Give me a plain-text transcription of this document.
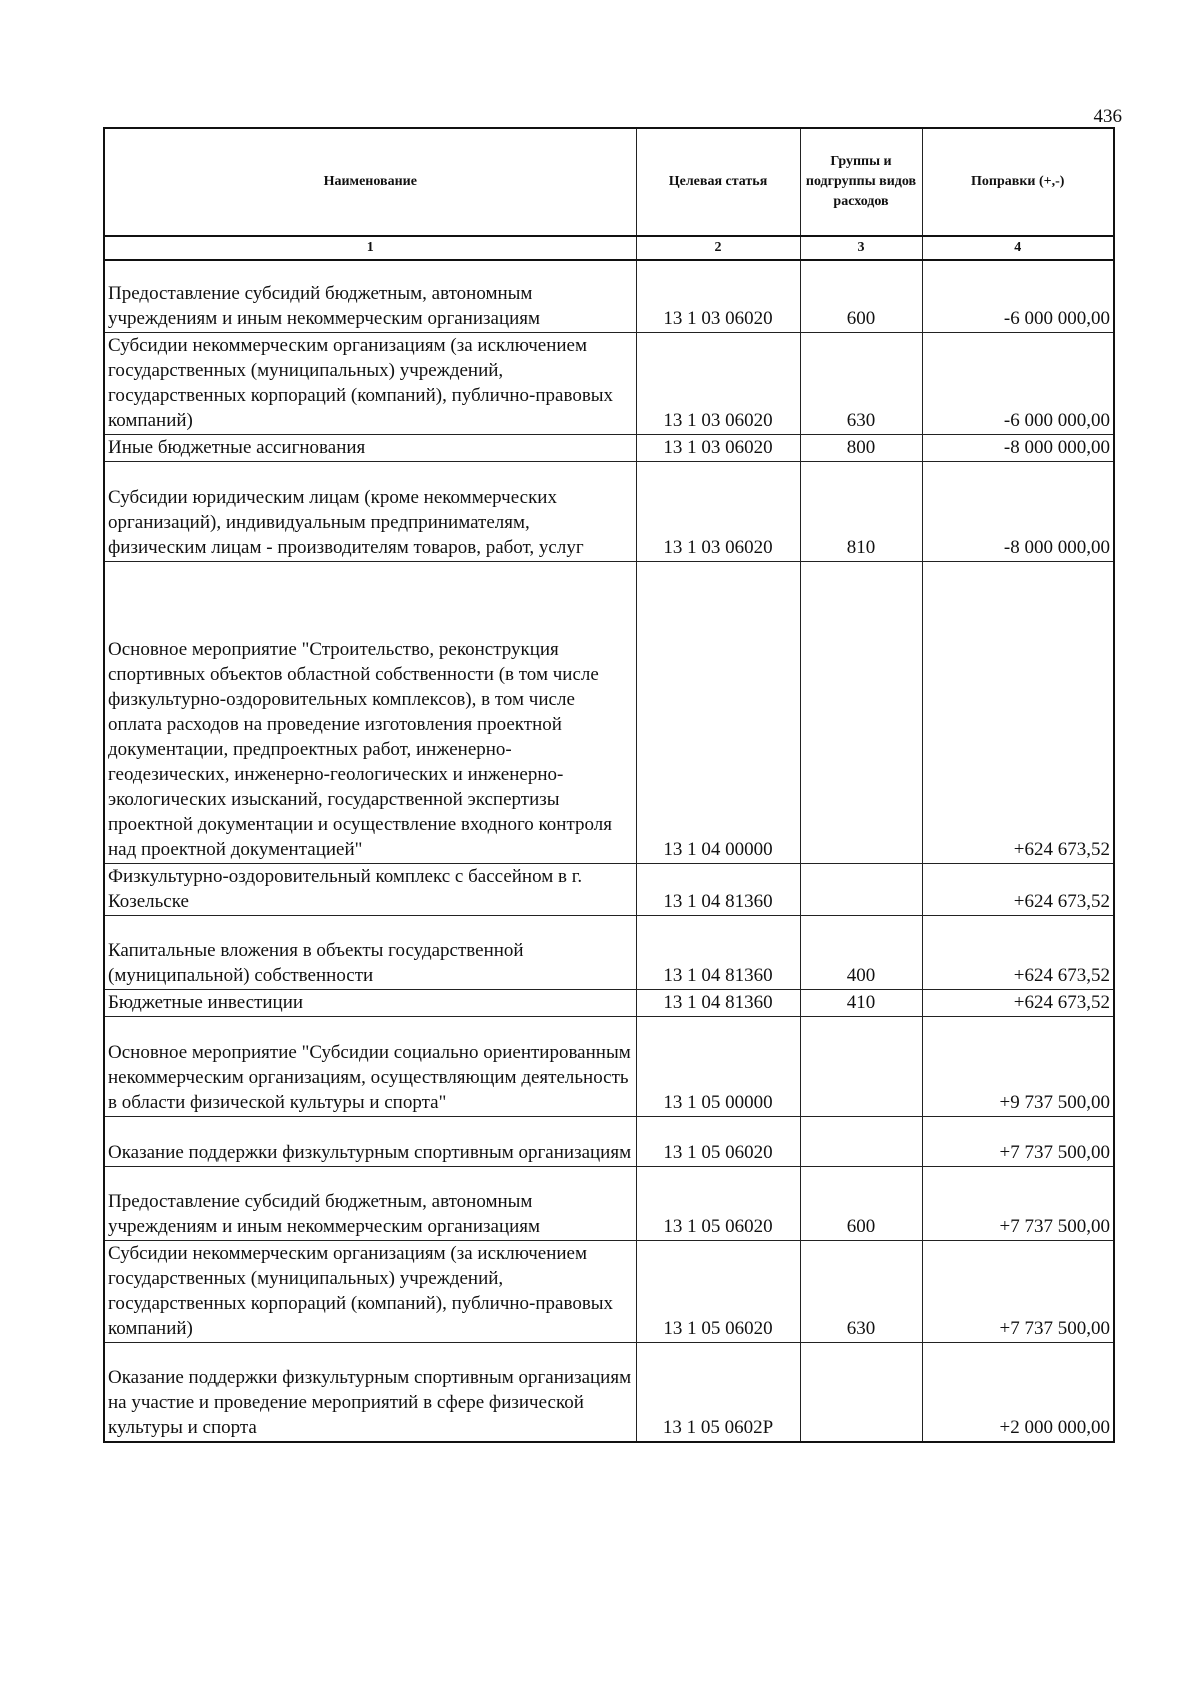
436
Наименование	Целевая статья	Группы и подгруппы видов расходов	Поправки (+,-)
1	2	3	4
Предоставление субсидий бюджетным, автономным учреждениям и иным некоммерческим организациям	13 1 03 06020	600	-6 000 000,00
Субсидии некоммерческим организациям (за исключением государственных (муниципальных) учреждений, государственных корпораций (компаний), публично-правовых компаний)	13 1 03 06020	630	-6 000 000,00
Иные бюджетные ассигнования	13 1 03 06020	800	-8 000 000,00
Субсидии юридическим лицам (кроме некоммерческих организаций), индивидуальным предпринимателям, физическим лицам - производителям товаров, работ, услуг	13 1 03 06020	810	-8 000 000,00
Основное мероприятие "Строительство, реконструкция спортивных объектов областной собственности (в том числе физкультурно-оздоровительных комплексов), в том числе оплата расходов на проведение изготовления проектной документации, предпроектных работ, инженерно-геодезических, инженерно-геологических и инженерно-экологических изысканий, государственной экспертизы проектной документации и осуществление входного контроля над проектной документацией"	13 1 04 00000		+624 673,52
Физкультурно-оздоровительный комплекс с бассейном в г. Козельске	13 1 04 81360		+624 673,52
Капитальные вложения в объекты государственной (муниципальной) собственности	13 1 04 81360	400	+624 673,52
Бюджетные инвестиции	13 1 04 81360	410	+624 673,52
Основное мероприятие "Субсидии социально ориентированным некоммерческим организациям, осуществляющим деятельность в области физической культуры и спорта"	13 1 05 00000		+9 737 500,00
Оказание поддержки физкультурным спортивным организациям	13 1 05 06020		+7 737 500,00
Предоставление субсидий бюджетным, автономным учреждениям и иным некоммерческим организациям	13 1 05 06020	600	+7 737 500,00
Субсидии некоммерческим организациям (за исключением государственных (муниципальных) учреждений, государственных корпораций (компаний), публично-правовых компаний)	13 1 05 06020	630	+7 737 500,00
Оказание поддержки физкультурным спортивным организациям на участие и проведение мероприятий в сфере физической культуры и спорта	13 1 05 0602Р		+2 000 000,00
